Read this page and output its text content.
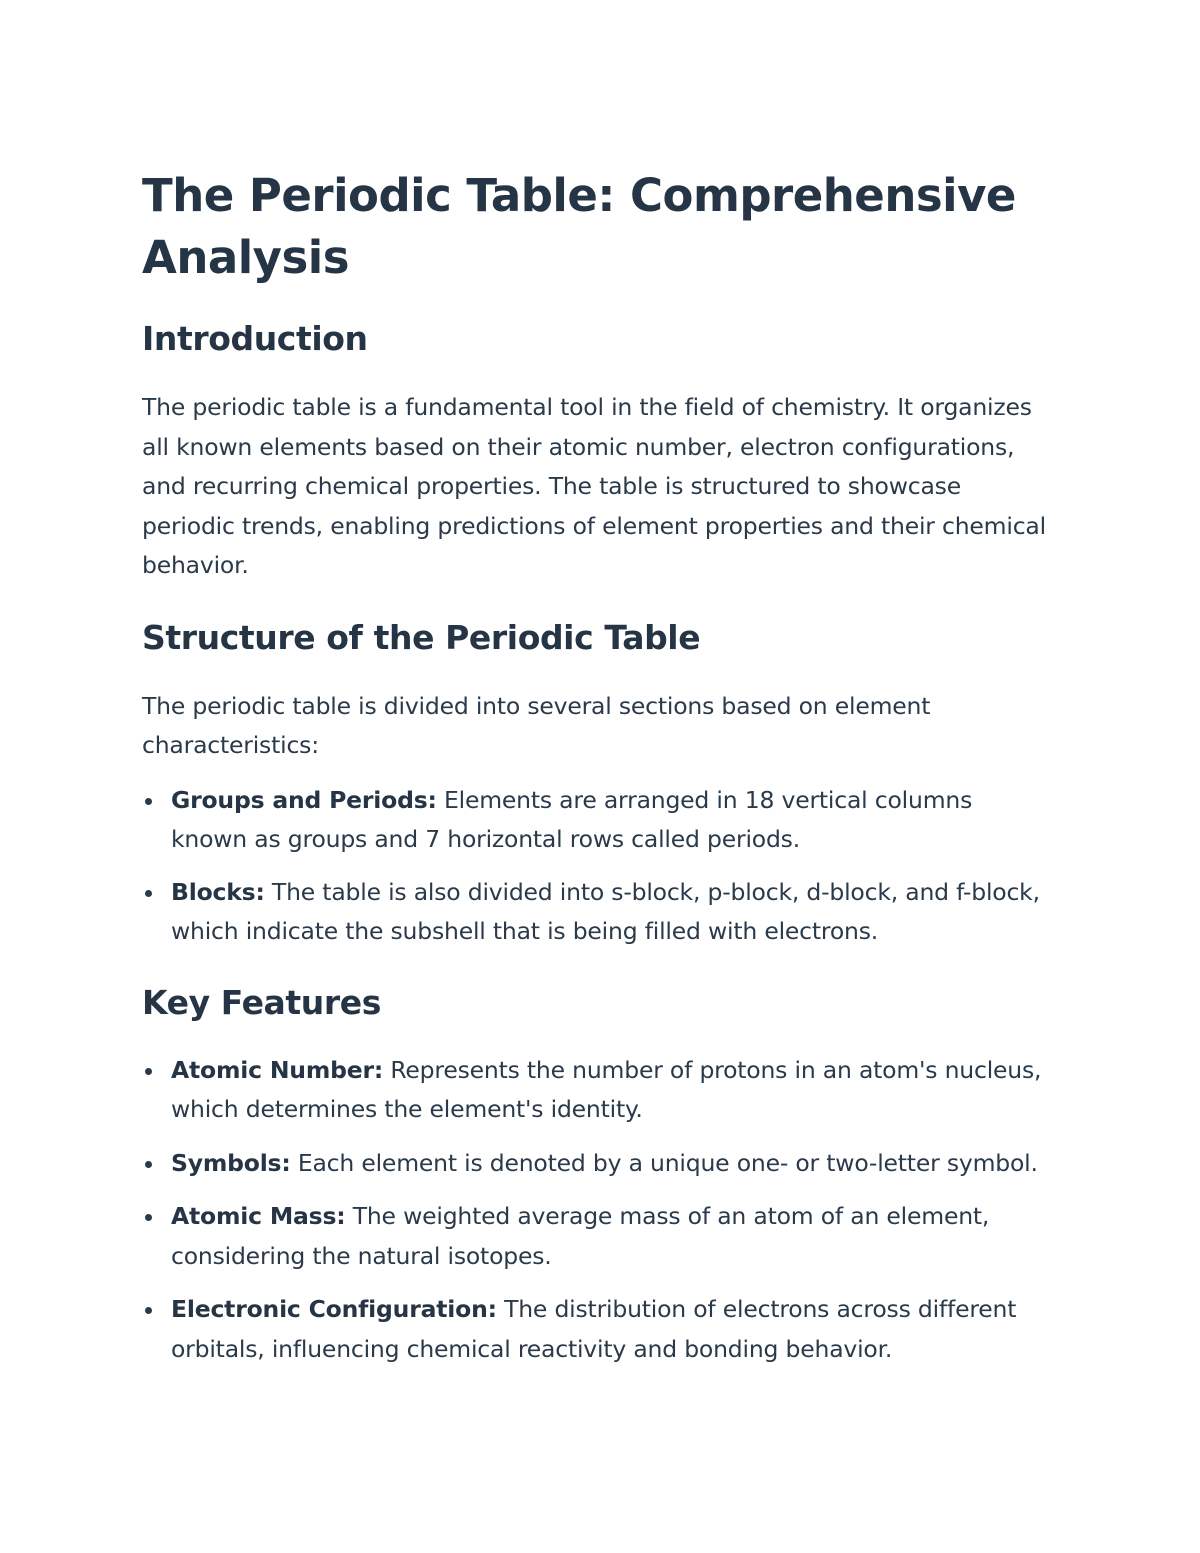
The Periodic Table: Comprehensive Analysis
Introduction

The periodic table is a fundamental tool in the field of chemistry. It organizes all known elements based on their atomic number, electron configurations, and recurring chemical properties. The table is structured to showcase periodic trends, enabling predictions of element properties and their chemical behavior.

Structure of the Periodic Table

The periodic table is divided into several sections based on element characteristics:

Groups and Periods: Elements are arranged in 18 vertical columns known as groups and 7 horizontal rows called periods.
Blocks: The table is also divided into s-block, p-block, d-block, and f-block, which indicate the subshell that is being filled with electrons.
Key Features
Atomic Number: Represents the number of protons in an atom's nucleus, which determines the element's identity.
Symbols: Each element is denoted by a unique one- or two-letter symbol.
Atomic Mass: The weighted average mass of an atom of an element, considering the natural isotopes.
Electronic Configuration: The distribution of electrons across different orbitals, influencing chemical reactivity and bonding behavior.
